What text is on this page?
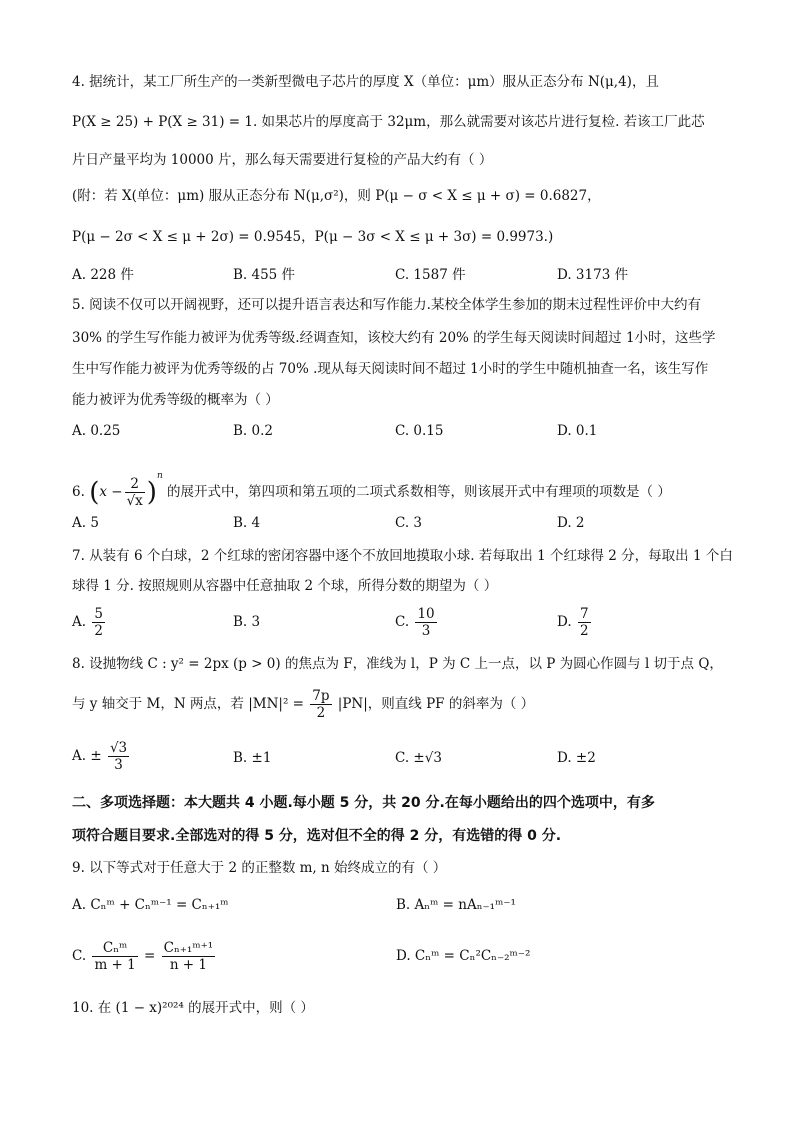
4. 据统计，某工厂所生产的一类新型微电子芯片的厚度 X（单位：μm）服从正态分布 N(μ,4)，且
P(X ≥ 25) + P(X ≥ 31) = 1. 如果芯片的厚度高于 32μm，那么就需要对该芯片进行复检. 若该工厂此芯
片日产量平均为 10000 片，那么每天需要进行复检的产品大约有（ ）
(附：若 X(单位：μm) 服从正态分布 N(μ,σ²)，则 P(μ − σ < X ≤ μ + σ) = 0.6827，
P(μ − 2σ < X ≤ μ + 2σ) = 0.9545，P(μ − 3σ < X ≤ μ + 3σ) = 0.9973.)
A. 228 件	B. 455 件	C. 1587 件	D. 3173 件
5. 阅读不仅可以开阔视野，还可以提升语言表达和写作能力.某校全体学生参加的期末过程性评价中大约有
30% 的学生写作能力被评为优秀等级.经调查知，该校大约有 20% 的学生每天阅读时间超过 1小时，这些学
生中写作能力被评为优秀等级的占 70% .现从每天阅读时间不超过 1小时的学生中随机抽查一名，该生写作
能力被评为优秀等级的概率为（ ）
A. 0.25	B. 0.2	C. 0.15	D. 0.1
6. $(x - \frac{2}{√x} )^n$ 的展开式中，第四项和第五项的二项式系数相等，则该展开式中有理项的项数是（ ）
A. 5	B. 4	C. 3	D. 2
7. 从装有 6 个白球，2 个红球的密闭容器中逐个不放回地摸取小球. 若每取出 1 个红球得 2 分，每取出 1 个白
球得 1 分. 按照规则从容器中任意抽取 2 个球，所得分数的期望为（ ）
A. $\frac{5}{2}$	B. 3	C. $\frac{10}{3}$	D. $\frac{7}{2}$
8. 设抛物线 C : y² = 2px (p > 0) 的焦点为 F，准线为 l，P 为 C 上一点，以 P 为圆心作圆与 l 切于点 Q，
与 y 轴交于 M，N 两点，若 $|MN|^2 = \frac{7p}{2} |PN|$，则直线 PF 的斜率为（ ）
A. ± $\frac{√3}{3}$	B. ±1	C. ±√3	D. ±2
二、多项选择题：本大题共 4 小题.每小题 5 分，共 20 分.在每小题给出的四个选项中，有多
项符合题目要求.全部选对的得 5 分，选对但不全的得 2 分，有选错的得 0 分.
9. 以下等式对于任意大于 2 的正整数 m, n 始终成立的有（ ）
A. Cₙᵐ + Cₙᵐ⁻¹ = Cₙ₊₁ᵐ	B. Aₙᵐ = nAₙ₋₁ᵐ⁻¹
C. $\frac{\text{Cₙᵐ}}{m + 1} = \frac{\text{Cₙ₊₁ᵐ⁺¹}}{n + 1}$	D. Cₙᵐ = Cₙ²Cₙ₋₂ᵐ⁻²
10. 在 (1 − x)²⁰²⁴ 的展开式中，则（ ）
